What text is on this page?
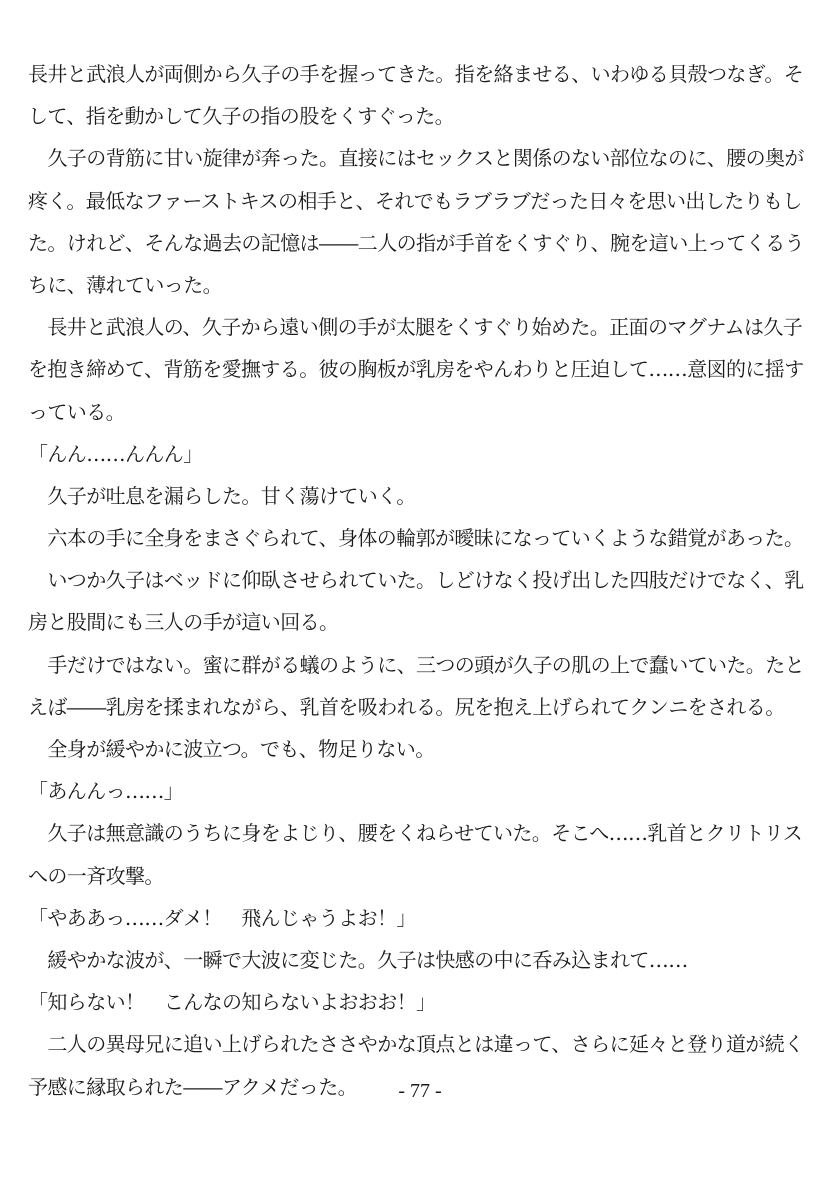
長井と武浪人が両側から久子の手を握ってきた。指を絡ませる、いわゆる貝殻つなぎ。そ
して、指を動かして久子の指の股をくすぐった。
　久子の背筋に甘い旋律が奔った。直接にはセックスと関係のない部位なのに、腰の奥が
疼く。最低なファーストキスの相手と、それでもラブラブだった日々を思い出したりもし
た。けれど、そんな過去の記憶は――二人の指が手首をくすぐり、腕を這い上ってくるう
ちに、薄れていった。
　長井と武浪人の、久子から遠い側の手が太腿をくすぐり始めた。正面のマグナムは久子
を抱き締めて、背筋を愛撫する。彼の胸板が乳房をやんわりと圧迫して……意図的に揺す
っている。
「んん……んんん」
　久子が吐息を漏らした。甘く蕩けていく。
　六本の手に全身をまさぐられて、身体の輪郭が曖昧になっていくような錯覚があった。
　いつか久子はベッドに仰臥させられていた。しどけなく投げ出した四肢だけでなく、乳
房と股間にも三人の手が這い回る。
　手だけではない。蜜に群がる蟻のように、三つの頭が久子の肌の上で蠢いていた。たと
えば――乳房を揉まれながら、乳首を吸われる。尻を抱え上げられてクンニをされる。
　全身が緩やかに波立つ。でも、物足りない。
「あんんっ……」
　久子は無意識のうちに身をよじり、腰をくねらせていた。そこへ……乳首とクリトリス
への一斉攻撃。
「やああっ……ダメ！　飛んじゃうよお！」
　緩やかな波が、一瞬で大波に変じた。久子は快感の中に呑み込まれて……
「知らない！　こんなの知らないよおおお！」
　二人の異母兄に追い上げられたささやかな頂点とは違って、さらに延々と登り道が続く
予感に縁取られた――アクメだった。	- 77 -
